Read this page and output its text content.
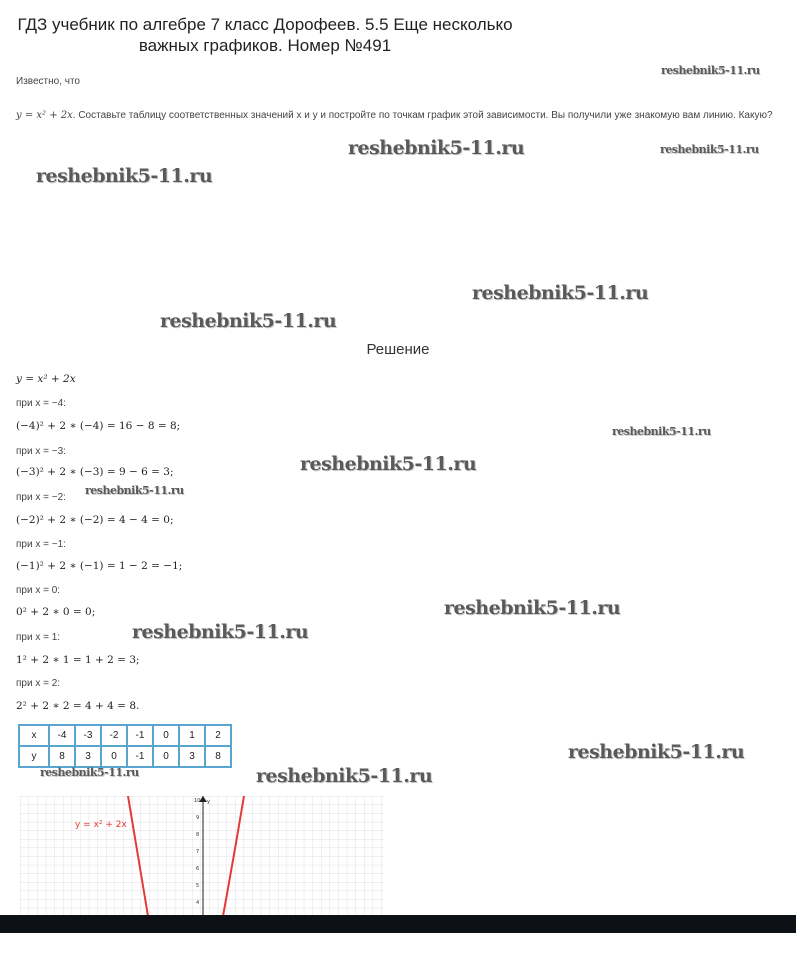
ГДЗ учебник по алгебре 7 класс Дорофеев. 5.5 Еще несколько
важных графиков. Номер №491
Известно, что
y = x² + 2x. Составьте таблицу соответственных значений x и y и постройте по точкам график этой зависимости. Вы получили уже знакомую вам линию. Какую?
reshebnik5-11.ru
reshebnik5-11.ru	reshebnik5-11.ru
reshebnik5-11.ru
reshebnik5-11.ru
reshebnik5-11.ru
reshebnik5-11.ru
reshebnik5-11.ru
reshebnik5-11.ru
reshebnik5-11.ru
reshebnik5-11.ru
reshebnik5-11.ru
reshebnik5-11.ru
Решение
y = x² + 2x
при x = −4:
(−4)² + 2 ∗ (−4) = 16 − 8 = 8;
при x = −3:
(−3)² + 2 ∗ (−3) = 9 − 6 = 3;
при x = −2:
(−2)² + 2 ∗ (−2) = 4 − 4 = 0;
при x = −1:
(−1)² + 2 ∗ (−1) = 1 − 2 = −1;
при x = 0:
0² + 2 ∗ 0 = 0;
при x = 1:
1² + 2 ∗ 1 = 1 + 2 = 3;
при x = 2:
2² + 2 ∗ 2 = 4 + 4 = 8.
x	-4	-3	-2	-1	0	1	2
y	8	3	0	-1	0	3	8
reshebnik5-11.ru
y
10
9
8
7
6
5
4
y = x² + 2x
